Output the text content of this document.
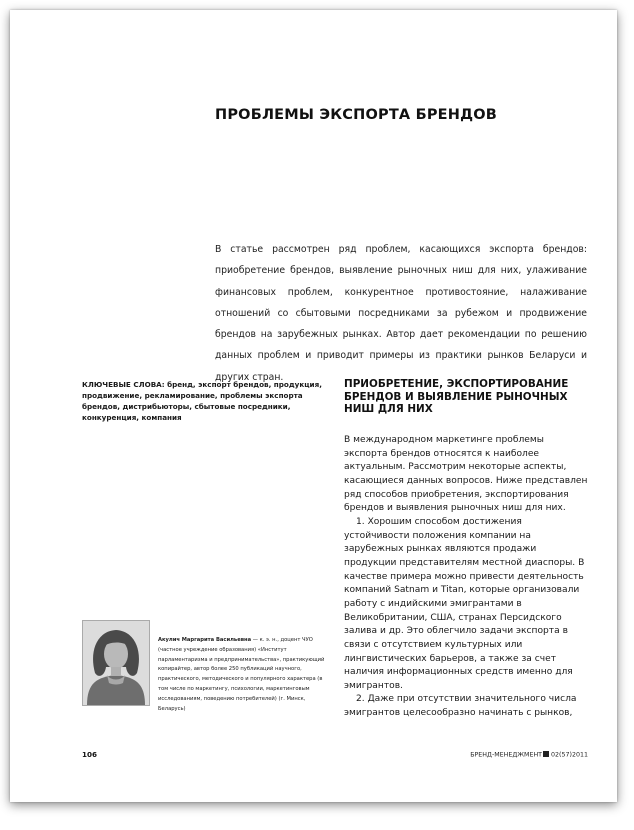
ПРОБЛЕМЫ ЭКСПОРТА БРЕНДОВ

В статье рассмотрен ряд проблем, касающихся экспорта брендов: приобретение брендов, выявление рыночных ниш для них, улаживание финансовых проблем, конкурентное противостояние, налаживание отношений со сбытовыми посредниками за рубежом и продвижение брендов на зарубежных рынках. Автор дает рекомендации по решению данных проблем и приводит примеры из практики рынков Беларуси и других стран.

КЛЮЧЕВЫЕ СЛОВА: бренд, экспорт брендов, продукция, продвижение, рекламирование, проблемы экспорта брендов, дистрибьюторы, сбытовые посредники, конкуренция, компания
ПРИОБРЕТЕНИЕ, ЭКСПОРТИРОВАНИЕ БРЕНДОВ И ВЫЯВЛЕНИЕ РЫНОЧНЫХ НИШ ДЛЯ НИХ

В международном маркетинге проблемы экспорта брендов относятся к наиболее актуальным. Рассмотрим некоторые аспекты, касающиеся данных вопросов. Ниже представлен ряд способов приобретения, экспортирования брендов и выявления рыночных ниш для них.

1. Хорошим способом достижения устойчивости положения компании на зарубежных рынках являются продажи продукции представителям местной диаспоры. В качестве примера можно привести деятельность компаний Satnam и Titan, которые организовали работу с индийскими эмигрантами в Великобритании, США, странах Персидского залива и др. Это облегчило задачи экспорта в связи с отсутствием культурных или лингвистических барьеров, а также за счет наличия информационных средств именно для эмигрантов.

2. Даже при отсутствии значительного числа эмигрантов целесообразно начинать с рынков,

Акулич Маргарита Васильевна — к. э. н., доцент ЧУО (частное учреждение образования) «Институт парламентаризма и предпринимательства», практикующий копирайтер, автор более 250 публикаций научного, практического, методического и популярного характера (в том числе по маркетингу, психологии, маркетинговым исследованиям, поведению потребителей) (г. Минск, Беларусь)
106	БРЕНД-МЕНЕДЖМЕНТ 02(57)2011
